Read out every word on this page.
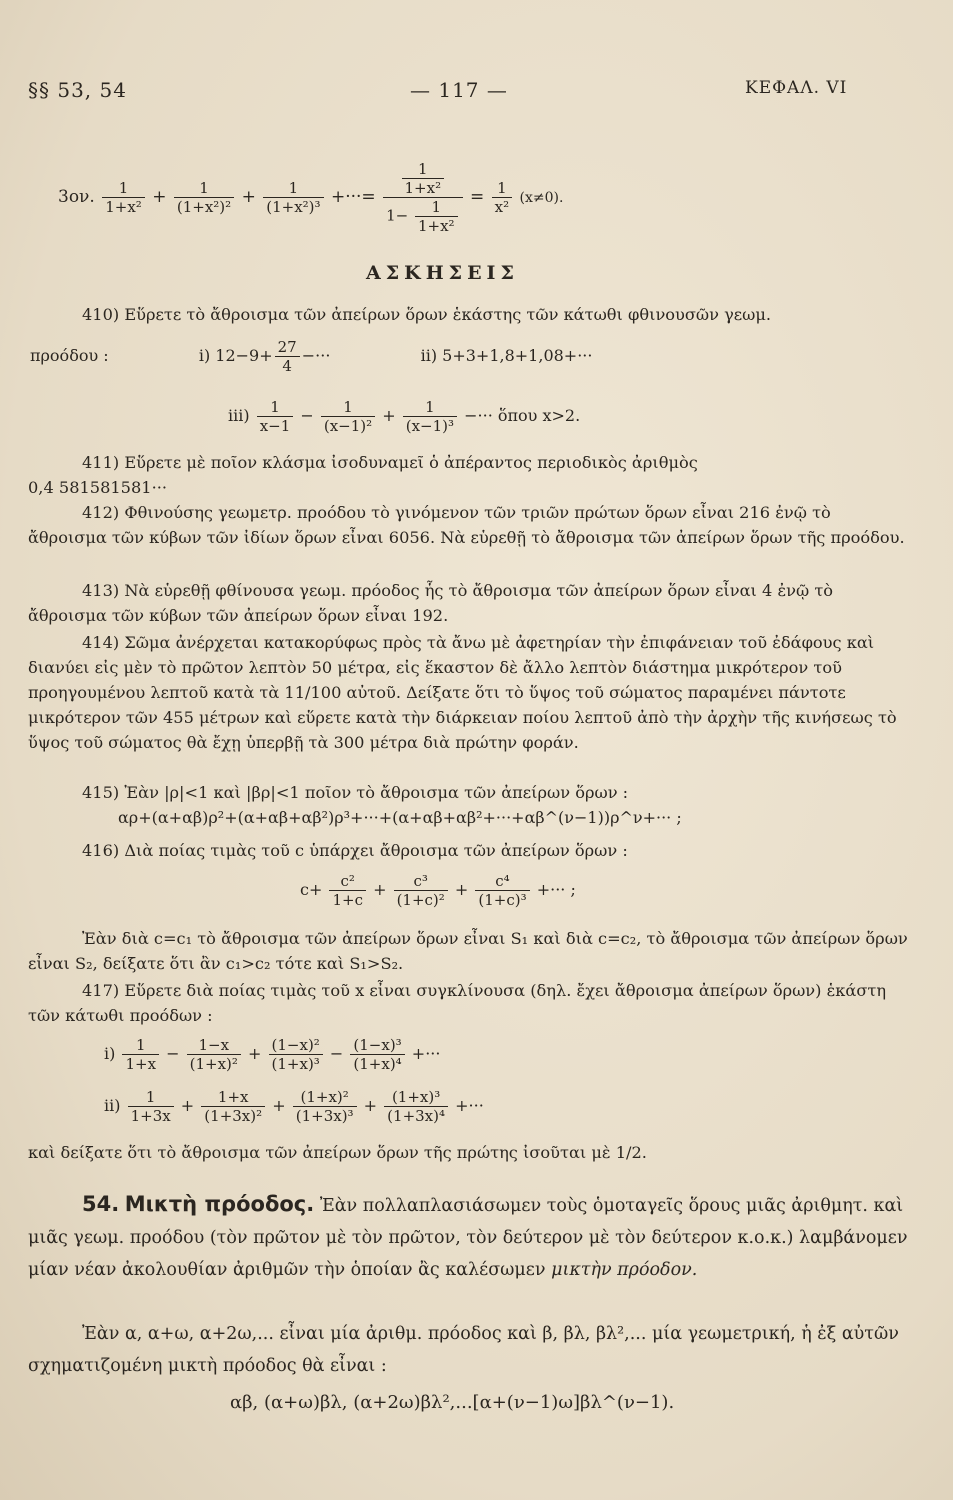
§§ 53, 54	— 117 —	ΚΕΦΑΛ. VI
3ον. $\frac{1}{\text{1+x²}} + \frac{1}{\text{(1+x²)²}} + \frac{1}{\text{(1+x²)³}}$ +···= $\frac{\frac{1}{\text{1+x²}}}{1- \frac{1}{\text{1+x²}}} = \frac{1}{\text{x²}} (x\ne 0)$.
ΑΣΚΗΣΕΙΣ
410) Εὕρετε τὸ ἄθροισμα τῶν ἀπείρων ὅρων ἑκάστης τῶν κάτωθι φθινουσῶν γεωμ.
προόδου :	i) $12-9+ \frac{27}{4}$ −···	ii) 5+3+1,8+1,08+···
$iii) \frac{1}{x-1} - \frac{1}{\text{(x−1)²}} + \frac{1}{\text{(x−1)³}}$ −··· ὅπου x>2.
411) Εὕρετε μὲ ποῖον κλάσμα ἰσοδυναμεῖ ὁ ἀπέραντος περιοδικὸς ἀριθμὸς
0,4 581581581···
412) Φθινούσης γεωμετρ. προόδου τὸ γινόμενον τῶν τριῶν πρώτων ὅρων εἶναι 216 ἐνῷ τὸ ἄθροισμα τῶν κύβων τῶν ἰδίων ὅρων εἶναι 6056. Νὰ εὑρεθῇ τὸ ἄθροισμα τῶν ἀπείρων ὅρων τῆς προόδου.
413) Νὰ εὑρεθῇ φθίνουσα γεωμ. πρόοδος ἧς τὸ ἄθροισμα τῶν ἀπείρων ὅρων εἶναι 4 ἐνῷ τὸ ἄθροισμα τῶν κύβων τῶν ἀπείρων ὅρων εἶναι 192.
414) Σῶμα ἀνέρχεται κατακορύφως πρὸς τὰ ἄνω μὲ ἀφετηρίαν τὴν ἐπιφάνειαν τοῦ ἐδάφους καὶ διανύει εἰς μὲν τὸ πρῶτον λεπτὸν 50 μέτρα, εἰς ἕκαστον δὲ ἄλλο λεπτὸν διάστημα μικρότερον τοῦ προηγουμένου λεπτοῦ κατὰ τὰ 11/100 αὐτοῦ. Δείξατε ὅτι τὸ ὕψος τοῦ σώματος παραμένει πάντοτε μικρότερον τῶν 455 μέτρων καὶ εὕρετε κατὰ τὴν διάρκειαν ποίου λεπτοῦ ἀπὸ τὴν ἀρχὴν τῆς κινήσεως τὸ ὕψος τοῦ σώματος θὰ ἔχῃ ὑπερβῇ τὰ 300 μέτρα διὰ πρώτην φοράν.
415) Ἐὰν |ρ|<1 καὶ |βρ|<1 ποῖον τὸ ἄθροισμα τῶν ἀπείρων ὅρων :
αρ+(α+αβ)ρ²+(α+αβ+αβ²)ρ³+···+(α+αβ+αβ²+···+αβ^(ν−1))ρ^ν+··· ;
416) Διὰ ποίας τιμὰς τοῦ c ὑπάρχει ἄθροισμα τῶν ἀπείρων ὅρων :
$c+ \frac{\text{c²}}{1+c} + \frac{\text{c³}}{\text{(1+c)²}} + \frac{\text{c⁴}}{\text{(1+c)³}}$ +··· ;
Ἐὰν διὰ c=c₁ τὸ ἄθροισμα τῶν ἀπείρων ὅρων εἶναι S₁ καὶ διὰ c=c₂, τὸ ἄθροισμα τῶν ἀπείρων ὅρων εἶναι S₂, δείξατε ὅτι ἂν c₁>c₂ τότε καὶ S₁>S₂.
417) Εὕρετε διὰ ποίας τιμὰς τοῦ x εἶναι συγκλίνουσα (δηλ. ἔχει ἄθροισμα ἀπείρων ὅρων) ἑκάστη τῶν κάτωθι προόδων :
$i) \frac{1}{1+x} - \frac{1-x}{\text{(1+x)²}} + \frac{\text{(1−x)²}}{\text{(1+x)³}} - \frac{\text{(1−x)³}}{\text{(1+x)⁴}}$ +···
$ii) \frac{1}{1+3x} + \frac{1+x}{\text{(1+3x)²}} + \frac{\text{(1+x)²}}{\text{(1+3x)³}} + \frac{\text{(1+x)³}}{\text{(1+3x)⁴}}$ +···
καὶ δείξατε ὅτι τὸ ἄθροισμα τῶν ἀπείρων ὅρων τῆς πρώτης ἰσοῦται μὲ 1/2.
54. Μικτὴ πρόοδος. Ἐὰν πολλαπλασιάσωμεν τοὺς ὁμοταγεῖς ὅρους μιᾶς ἀριθμητ. καὶ μιᾶς γεωμ. προόδου (τὸν πρῶτον μὲ τὸν πρῶτον, τὸν δεύτερον μὲ τὸν δεύτερον κ.ο.κ.) λαμβάνομεν μίαν νέαν ἀκολουθίαν ἀριθμῶν τὴν ὁποίαν ἂς καλέσωμεν μικτὴν πρόοδον.
Ἐὰν α, α+ω, α+2ω,... εἶναι μία ἀριθμ. πρόοδος καὶ β, βλ, βλ²,... μία γεωμετρική, ἡ ἐξ αὐτῶν σχηματιζομένη μικτὴ πρόοδος θὰ εἶναι :
αβ, (α+ω)βλ, (α+2ω)βλ²,...[α+(ν−1)ω]βλ^(ν−1).
